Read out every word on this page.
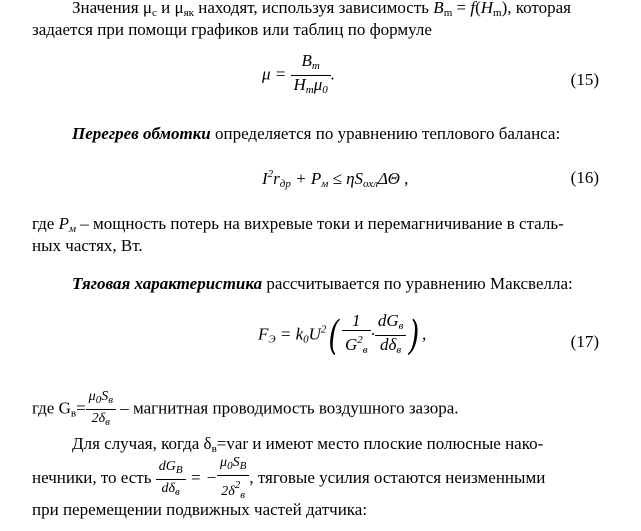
Значения $\mu_с$ и $\mu_{як}$ находят, используя зависимость $B_m = f(H_m)$, которая
задается при помощи графиков или таблиц по формуле
$\mu = \frac{B_m}{H_m\mu_0}$ .	(15)
Перегрев обмотки определяется по уравнению теплового баланса:
$I^2r_{др} + P_м \le \eta S_{охл}\Delta\Theta$ ,	(16)
где $P_м$ – мощность потерь на вихревые токи и перемагничивание в сталь-
ных частях, Вт.
Тяговая характеристика рассчитывается по уравнению Максвелла:
$F_Э = k_0U^2( \frac{1}{G^2_в} \cdot \frac{dG_в}{d\delta_в}$ ) ,	(17)
где $G_в= \frac{\mu_0S_в}{2\delta_в}$ – магнитная проводимость воздушного зазора.
Для случая, когда $\delta_в=var$ и имеют место плоские полюсные нако-
нечники, то есть $\frac{dG_B}{d\delta_в}$ = − $\frac{\mu_0S_B}{2\delta^2_в}$ , тяговые усилия остаются неизменными
при перемещении подвижных частей датчика:
